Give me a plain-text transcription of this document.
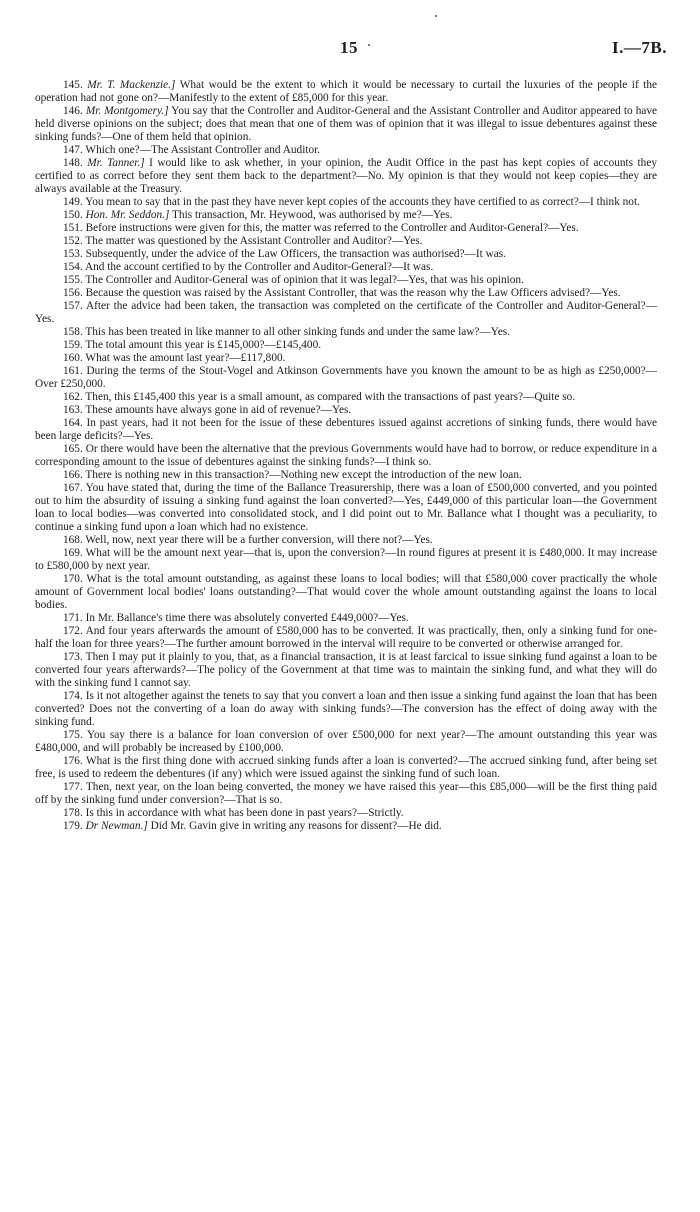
15	I.—7B.

145. Mr. T. Mackenzie.] What would be the extent to which it would be necessary to curtail the luxuries of the people if the operation had not gone on?—Manifestly to the extent of £85,000 for this year.

146. Mr. Montgomery.] You say that the Controller and Auditor-General and the Assistant Controller and Auditor appeared to have held diverse opinions on the subject; does that mean that one of them was of opinion that it was illegal to issue debentures against these sinking funds?—One of them held that opinion.

147. Which one?—The Assistant Controller and Auditor.

148. Mr. Tanner.] I would like to ask whether, in your opinion, the Audit Office in the past has kept copies of accounts they certified to as correct before they sent them back to the department?—No. My opinion is that they would not keep copies—they are always available at the Treasury.

149. You mean to say that in the past they have never kept copies of the accounts they have certified to as correct?—I think not.

150. Hon. Mr. Seddon.] This transaction, Mr. Heywood, was authorised by me?—Yes.

151. Before instructions were given for this, the matter was referred to the Controller and Auditor-General?—Yes.

152. The matter was questioned by the Assistant Controller and Auditor?—Yes.

153. Subsequently, under the advice of the Law Officers, the transaction was authorised?—It was.

154. And the account certified to by the Controller and Auditor-General?—It was.

155. The Controller and Auditor-General was of opinion that it was legal?—Yes, that was his opinion.

156. Because the question was raised by the Assistant Controller, that was the reason why the Law Officers advised?—Yes.

157. After the advice had been taken, the transaction was completed on the certificate of the Controller and Auditor-General?—Yes.

158. This has been treated in like manner to all other sinking funds and under the same law?—Yes.

159. The total amount this year is £145,000?—£145,400.

160. What was the amount last year?—£117,800.

161. During the terms of the Stout-Vogel and Atkinson Governments have you known the amount to be as high as £250,000?—Over £250,000.

162. Then, this £145,400 this year is a small amount, as compared with the transactions of past years?—Quite so.

163. These amounts have always gone in aid of revenue?—Yes.

164. In past years, had it not been for the issue of these debentures issued against accretions of sinking funds, there would have been large deficits?—Yes.

165. Or there would have been the alternative that the previous Governments would have had to borrow, or reduce expenditure in a corresponding amount to the issue of debentures against the sinking funds?—I think so.

166. There is nothing new in this transaction?—Nothing new except the introduction of the new loan.

167. You have stated that, during the time of the Ballance Treasurership, there was a loan of £500,000 converted, and you pointed out to him the absurdity of issuing a sinking fund against the loan converted?—Yes, £449,000 of this particular loan—the Government loan to local bodies—was converted into consolidated stock, and I did point out to Mr. Ballance what I thought was a peculiarity, to continue a sinking fund upon a loan which had no existence.

168. Well, now, next year there will be a further conversion, will there not?—Yes.

169. What will be the amount next year—that is, upon the conversion?—In round figures at present it is £480,000. It may increase to £580,000 by next year.

170. What is the total amount outstanding, as against these loans to local bodies; will that £580,000 cover practically the whole amount of Government local bodies' loans outstanding?—That would cover the whole amount outstanding against the loans to local bodies.

171. In Mr. Ballance's time there was absolutely converted £449,000?—Yes.

172. And four years afterwards the amount of £580,000 has to be converted. It was practically, then, only a sinking fund for one-half the loan for three years?—The further amount borrowed in the interval will require to be converted or otherwise arranged for.

173. Then I may put it plainly to you, that, as a financial transaction, it is at least farcical to issue sinking fund against a loan to be converted four years afterwards?—The policy of the Government at that time was to maintain the sinking fund, and what they will do with the sinking fund I cannot say.

174. Is it not altogether against the tenets to say that you convert a loan and then issue a sinking fund against the loan that has been converted? Does not the converting of a loan do away with sinking funds?—The conversion has the effect of doing away with the sinking fund.

175. You say there is a balance for loan conversion of over £500,000 for next year?—The amount outstanding this year was £480,000, and will probably be increased by £100,000.

176. What is the first thing done with accrued sinking funds after a loan is converted?—The accrued sinking fund, after being set free, is used to redeem the debentures (if any) which were issued against the sinking fund of such loan.

177. Then, next year, on the loan being converted, the money we have raised this year—this £85,000—will be the first thing paid off by the sinking fund under conversion?—That is so.

178. Is this in accordance with what has been done in past years?—Strictly.

179. Dr Newman.] Did Mr. Gavin give in writing any reasons for dissent?—He did.
